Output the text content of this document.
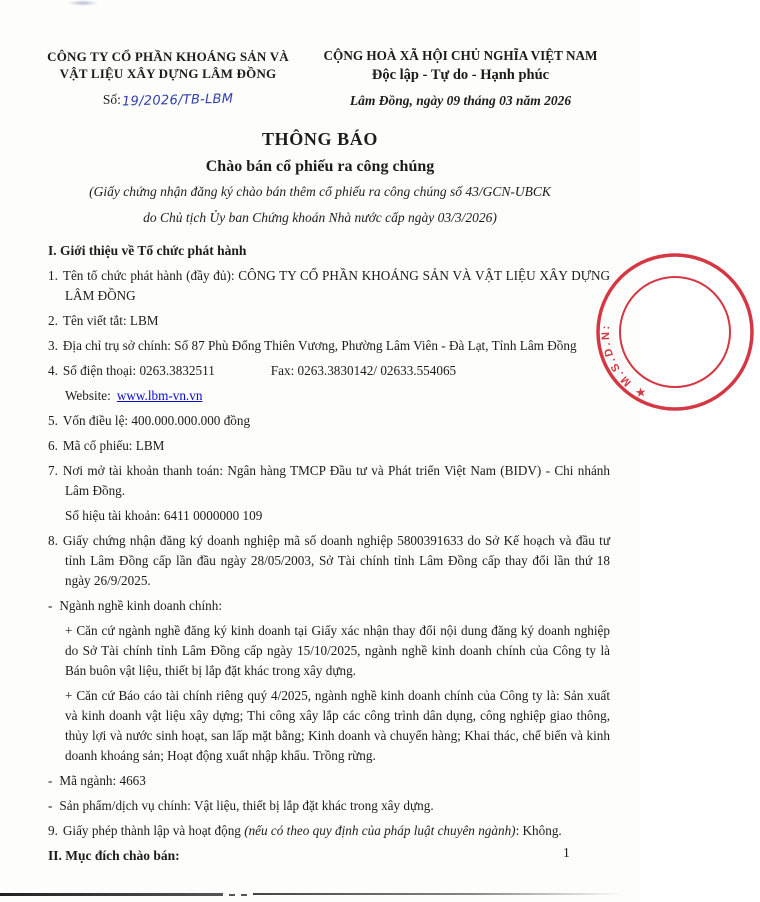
CÔNG TY CỔ PHẦN KHOÁNG SẢN VÀ
VẬT LIỆU XÂY DỰNG LÂM ĐỒNG
Số:19/2026/TB-LBM
CỘNG HOÀ XÃ HỘI CHỦ NGHĨA VIỆT NAM
Độc lập - Tự do - Hạnh phúc
Lâm Đồng, ngày 09 tháng 03 năm 2026
THÔNG BÁO
Chào bán cổ phiếu ra công chúng
(Giấy chứng nhận đăng ký chào bán thêm cổ phiếu ra công chúng số 43/GCN-UBCK
do Chủ tịch Ủy ban Chứng khoán Nhà nước cấp ngày 03/3/2026)

I. Giới thiệu về Tổ chức phát hành

1. Tên tổ chức phát hành (đầy đủ): CÔNG TY CỔ PHẦN KHOÁNG SẢN VÀ VẬT LIỆU XÂY DỰNG LÂM ĐỒNG

2. Tên viết tắt: LBM

3. Địa chỉ trụ sở chính: Số 87 Phù Đổng Thiên Vương, Phường Lâm Viên - Đà Lạt, Tỉnh Lâm Đồng

4. Số điện thoại: 0263.3832511	Fax: 0263.3830142/ 02633.554065

Website: www.lbm-vn.vn

5. Vốn điều lệ: 400.000.000.000 đồng

6. Mã cổ phiếu: LBM

7. Nơi mở tài khoản thanh toán: Ngân hàng TMCP Đầu tư và Phát triển Việt Nam (BIDV) - Chi nhánh Lâm Đồng.

Số hiệu tài khoản: 6411 0000000 109

8. Giấy chứng nhận đăng ký doanh nghiệp mã số doanh nghiệp 5800391633 do Sở Kế hoạch và đầu tư tỉnh Lâm Đồng cấp lần đầu ngày 28/05/2003, Sở Tài chính tỉnh Lâm Đồng cấp thay đổi lần thứ 18 ngày 26/9/2025.

- Ngành nghề kinh doanh chính:

+ Căn cứ ngành nghề đăng ký kinh doanh tại Giấy xác nhận thay đổi nội dung đăng ký doanh nghiệp do Sở Tài chính tỉnh Lâm Đồng cấp ngày 15/10/2025, ngành nghề kinh doanh chính của Công ty là Bán buôn vật liệu, thiết bị lắp đặt khác trong xây dựng.

+ Căn cứ Báo cáo tài chính riêng quý 4/2025, ngành nghề kinh doanh chính của Công ty là: Sản xuất và kinh doanh vật liệu xây dựng; Thi công xây lắp các công trình dân dụng, công nghiệp giao thông, thủy lợi và nước sinh hoạt, san lấp mặt bằng; Kinh doanh và chuyển hàng; Khai thác, chế biến và kinh doanh khoáng sản; Hoạt động xuất nhập khẩu. Trồng rừng.

- Mã ngành: 4663

- Sản phẩm/dịch vụ chính: Vật liệu, thiết bị lắp đặt khác trong xây dựng.

9. Giấy phép thành lập và hoạt động (nếu có theo quy định của pháp luật chuyên ngành): Không.

II. Mục đích chào bán:	1
★ M.S.D.N:
